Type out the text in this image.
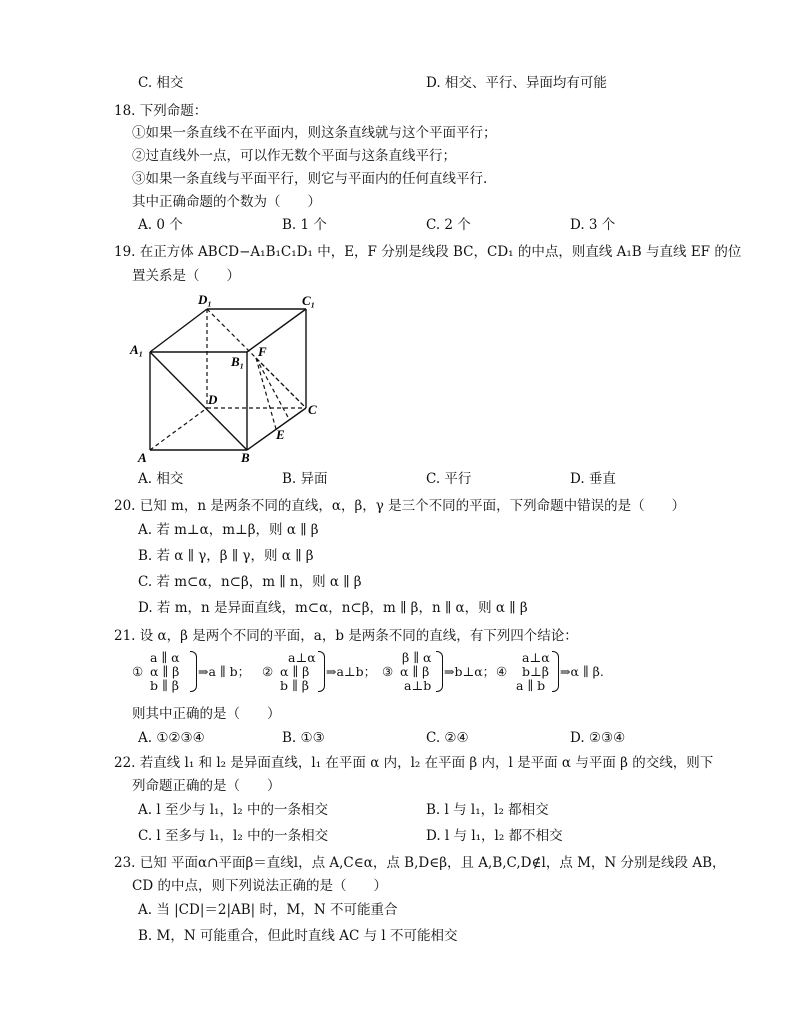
C. 相交	D. 相交、平行、异面均有可能
18. 下列命题：
①如果一条直线不在平面内，则这条直线就与这个平面平行；
②过直线外一点，可以作无数个平面与这条直线平行；
③如果一条直线与平面平行，则它与平面内的任何直线平行.
其中正确命题的个数为（　　）
A. 0 个	B. 1 个	C. 2 个	D. 3 个
19. 在正方体 ABCD−A₁B₁C₁D₁ 中，E，F 分别是线段 BC，CD₁ 的中点，则直线 A₁B 与直线 EF 的位
置关系是（　　）
D₁	C₁
A₁
B₁
F
D
C
E
A	B
A. 相交	B. 异面	C. 平行	D. 垂直
20. 已知 m，n 是两条不同的直线，α，β，γ 是三个不同的平面，下列命题中错误的是（　　）
A. 若 m⊥α，m⊥β，则 α ∥ β
B. 若 α ∥ γ，β ∥ γ，则 α ∥ β
C. 若 m⊂α，n⊂β，m ∥ n，则 α ∥ β
D. 若 m，n 是异面直线，m⊂α，n⊂β，m ∥ β，n ∥ α，则 α ∥ β
21. 设 α，β 是两个不同的平面，a，b 是两条不同的直线，有下列四个结论：
①
a ∥ α
α ∥ β
b ∥ β
⇒a ∥ b； ②
a⊥α
α ∥ β
b ∥ β
⇒a⊥b； ③
β ∥ α
α ∥ β
a⊥b
⇒b⊥α； ④
a⊥α
b⊥β
a ∥ b
⇒α ∥ β.
则其中正确的是（　　）
A. ①②③④	B. ①③	C. ②④	D. ②③④
22. 若直线 l₁ 和 l₂ 是异面直线，l₁ 在平面 α 内，l₂ 在平面 β 内，l 是平面 α 与平面 β 的交线，则下
列命题正确的是（　　）
A. l 至少与 l₁，l₂ 中的一条相交	B. l 与 l₁，l₂ 都相交
C. l 至多与 l₁，l₂ 中的一条相交	D. l 与 l₁，l₂ 都不相交
23. 已知 平面α∩平面β＝直线l，点 A,C∈α，点 B,D∈β，且 A,B,C,D∉l，点 M，N 分别是线段 AB，
CD 的中点，则下列说法正确的是（　　）
A. 当 |CD|＝2|AB| 时，M，N 不可能重合
B. M，N 可能重合，但此时直线 AC 与 l 不可能相交
